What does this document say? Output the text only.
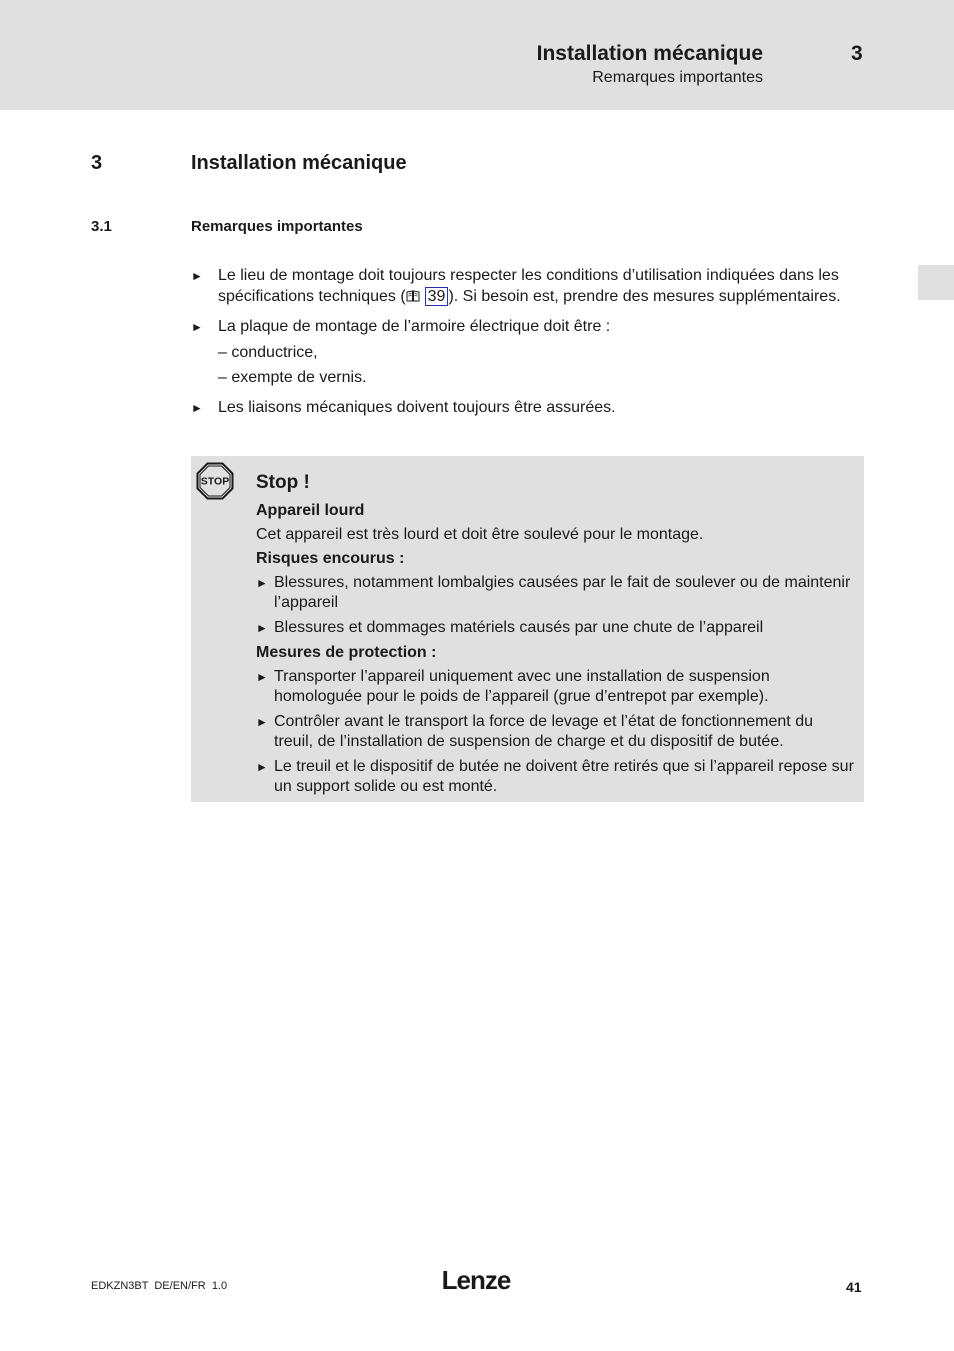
Installation mécanique
Remarques importantes
3
3	Installation mécanique
3.1	Remarques importantes
► Le lieu de montage doit toujours respecter les conditions d’utilisation indiquées dans les spécifications techniques ( 39 ). Si besoin est, prendre des mesures supplémentaires.
► La plaque de montage de l’armoire électrique doit être :
– conductrice,
– exempte de vernis.
► Les liaisons mécaniques doivent toujours être assurées.
STOP Stop !
Appareil lourd
Cet appareil est très lourd et doit être soulevé pour le montage.
Risques encourus :
► Blessures, notamment lombalgies causées par le fait de soulever ou de maintenir l’appareil
► Blessures et dommages matériels causés par une chute de l’appareil
Mesures de protection :
► Transporter l’appareil uniquement avec une installation de suspension homologuée pour le poids de l’appareil (grue d’entrepot par exemple).
► Contrôler avant le transport la force de levage et l’état de fonctionnement du treuil, de l’installation de suspension de charge et du dispositif de butée.
► Le treuil et le dispositif de butée ne doivent être retirés que si l’appareil repose sur un support solide ou est monté.
EDKZN3BT  DE/EN/FR  1.0	Lenze	41
